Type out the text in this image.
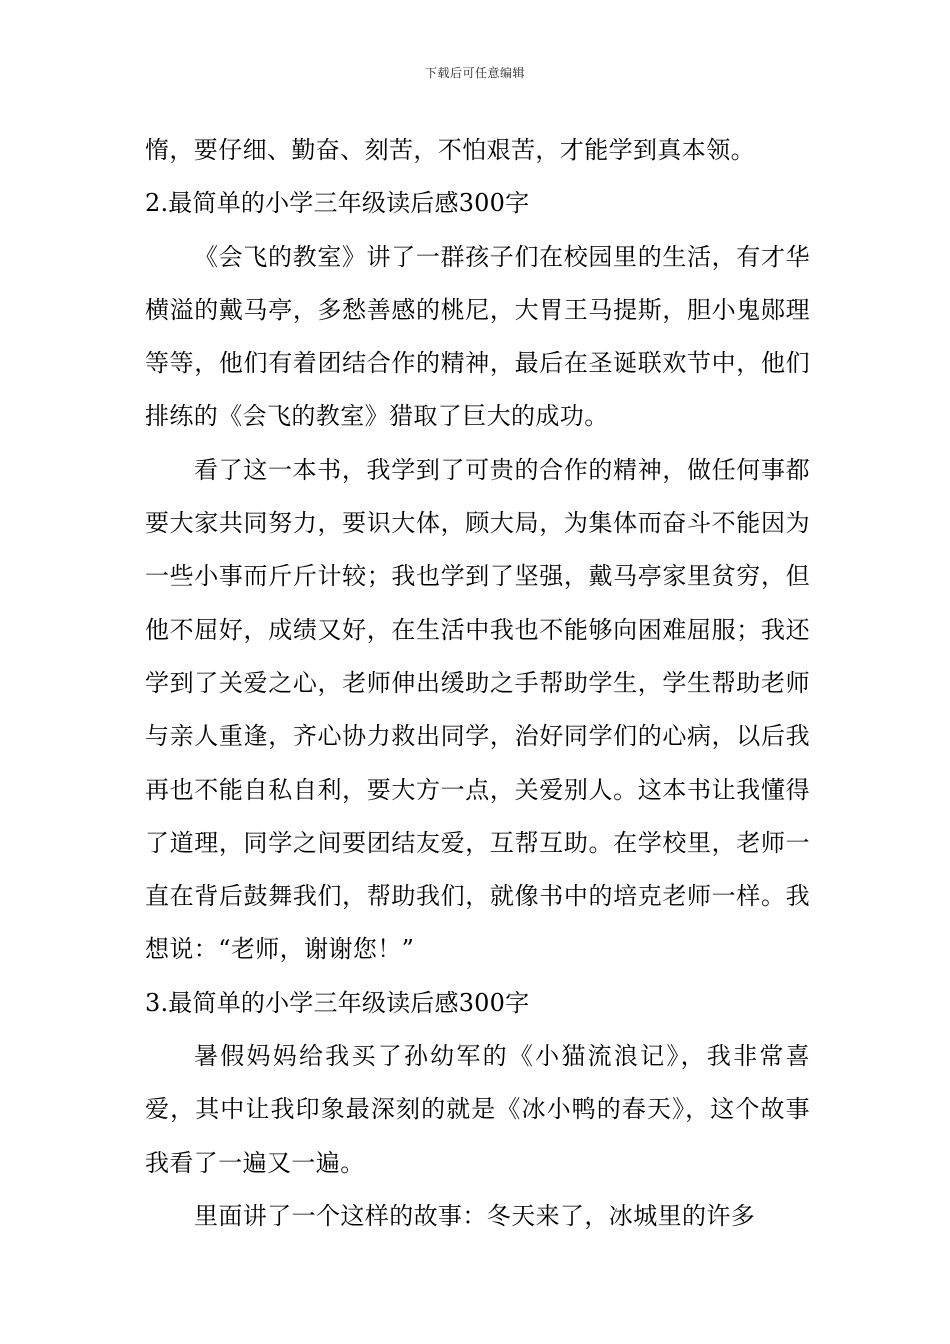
下载后可任意编辑

惰，要仔细、勤奋、刻苦，不怕艰苦，才能学到真本领。

2.最简单的小学三年级读后感300字

《会飞的教室》讲了一群孩子们在校园里的生活，有才华横溢的戴马亭，多愁善感的桃尼，大胃王马提斯，胆小鬼郧理等等，他们有着团结合作的精神，最后在圣诞联欢节中，他们排练的《会飞的教室》猎取了巨大的成功。

看了这一本书，我学到了可贵的合作的精神，做任何事都要大家共同努力，要识大体，顾大局，为集体而奋斗不能因为一些小事而斤斤计较；我也学到了坚强，戴马亭家里贫穷，但他不屈好，成绩又好，在生活中我也不能够向困难屈服；我还学到了关爱之心，老师伸出缓助之手帮助学生，学生帮助老师与亲人重逢，齐心协力救出同学，治好同学们的心病，以后我再也不能自私自利，要大方一点，关爱别人。这本书让我懂得了道理，同学之间要团结友爱，互帮互助。在学校里，老师一直在背后鼓舞我们，帮助我们，就像书中的培克老师一样。我想说：“老师，谢谢您！”

3.最简单的小学三年级读后感300字

暑假妈妈给我买了孙幼军的《小猫流浪记》，我非常喜爱，其中让我印象最深刻的就是《冰小鸭的春天》，这个故事我看了一遍又一遍。

里面讲了一个这样的故事：冬天来了，冰城里的许多
